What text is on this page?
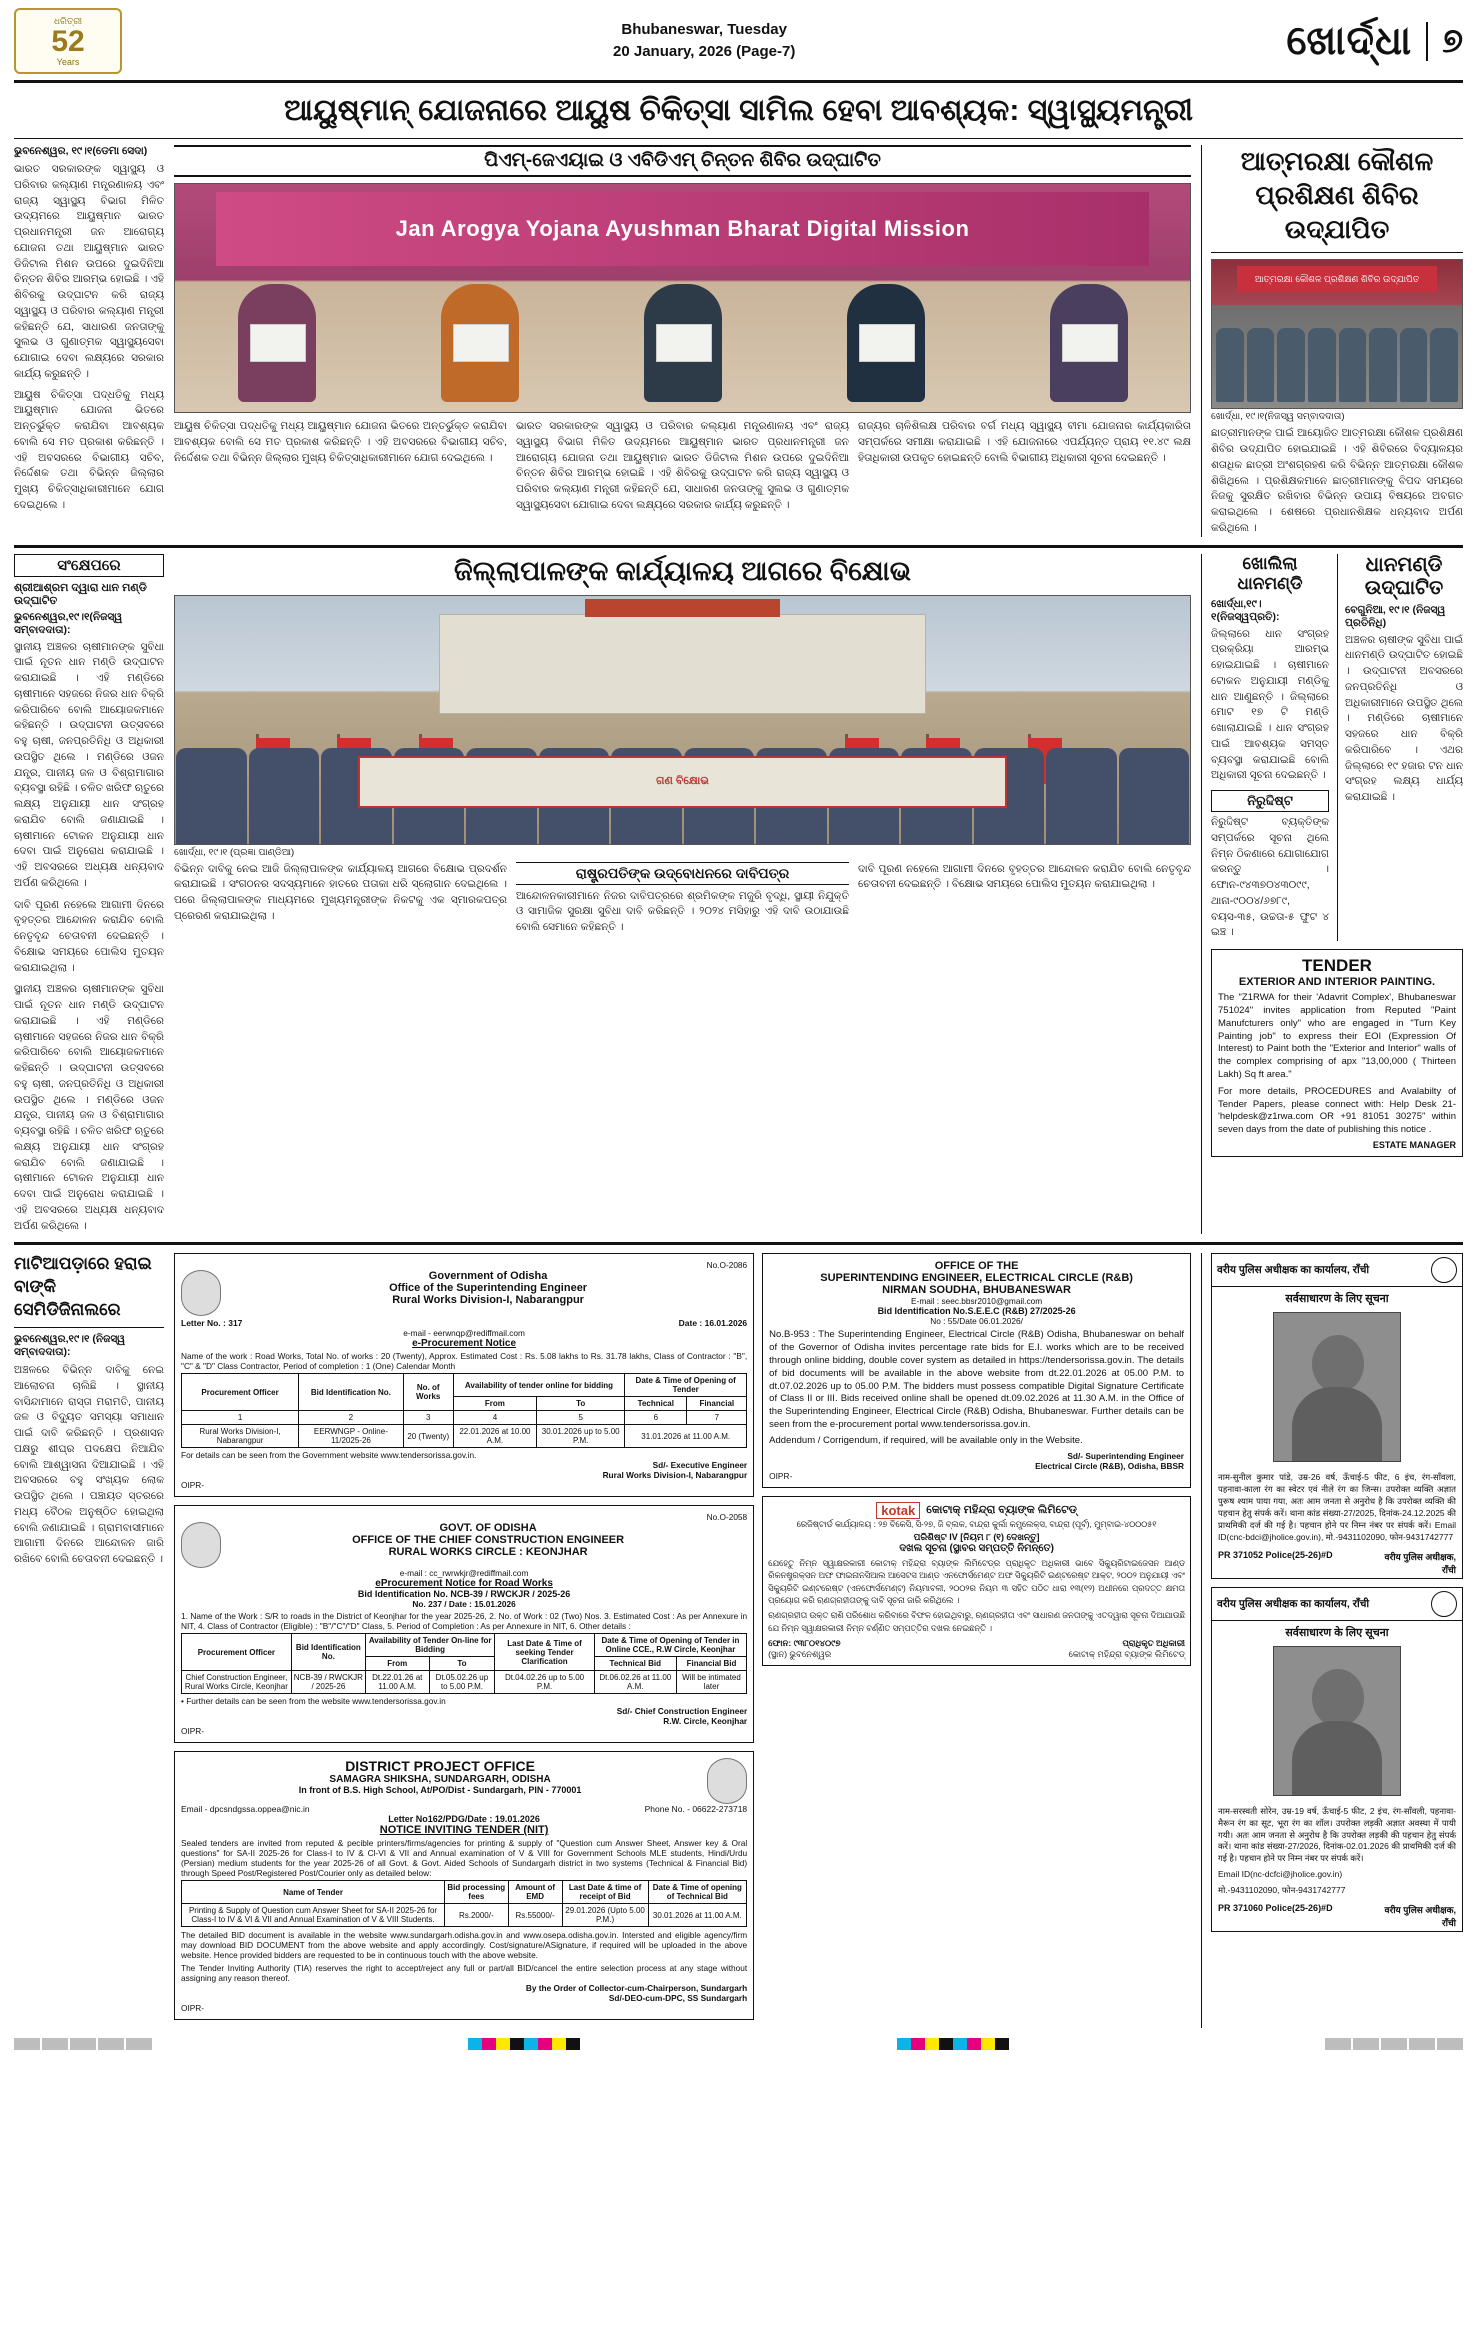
ଧରିତ୍ରୀ
52
Years
Bhubaneswar, Tuesday
20 January, 2026 (Page-7)	ଖୋର୍ଦ୍ଧା ୭
ଆୟୁଷ୍ମାନ୍ ଯୋଜନାରେ ଆୟୁଷ ଚିକିତ୍ସା ସାମିଲ ହେବା ଆବଶ୍ୟକ: ସ୍ୱାସ୍ଥ୍ୟମନ୍ତ୍ରୀ
ଭୁବନେଶ୍ୱର, ୧୯।୧(ଡେମା ସେଦା)
ଭାରତ ସରକାରଙ୍କ ସ୍ୱାସ୍ଥ୍ୟ ଓ ପରିବାର କଲ୍ୟାଣ ମନ୍ତ୍ରଣାଳୟ ଏବଂ ରାଜ୍ୟ ସ୍ୱାସ୍ଥ୍ୟ ବିଭାଗ ମିଳିତ ଉଦ୍ୟମରେ ଆୟୁଷ୍ମାନ ଭାରତ ପ୍ରଧାନମନ୍ତ୍ରୀ ଜନ ଆରୋଗ୍ୟ ଯୋଜନା ତଥା ଆୟୁଷ୍ମାନ ଭାରତ ଡିଜିଟାଲ ମିଶନ ଉପରେ ଦୁଇଦିନିଆ ଚିନ୍ତନ ଶିବିର ଆରମ୍ଭ ହୋଇଛି । ଏହି ଶିବିରକୁ ଉଦ୍‌ଘାଟନ କରି ରାଜ୍ୟ ସ୍ୱାସ୍ଥ୍ୟ ଓ ପରିବାର କଲ୍ୟାଣ ମନ୍ତ୍ରୀ କହିଛନ୍ତି ଯେ, ସାଧାରଣ ଜନତାଙ୍କୁ ସୁଲଭ ଓ ଗୁଣାତ୍ମକ ସ୍ୱାସ୍ଥ୍ୟସେବା ଯୋଗାଇ ଦେବା ଲକ୍ଷ୍ୟରେ ସରକାର କାର୍ଯ୍ୟ କରୁଛନ୍ତି ।
ଆୟୁଷ ଚିକିତ୍ସା ପଦ୍ଧତିକୁ ମଧ୍ୟ ଆୟୁଷ୍ମାନ ଯୋଜନା ଭିତରେ ଅନ୍ତର୍ଭୁକ୍ତ କରାଯିବା ଆବଶ୍ୟକ ବୋଲି ସେ ମତ ପ୍ରକାଶ କରିଛନ୍ତି । ଏହି ଅବସରରେ ବିଭାଗୀୟ ସଚିବ, ନିର୍ଦ୍ଦେଶକ ତଥା ବିଭିନ୍ନ ଜିଲ୍ଲାର ମୁଖ୍ୟ ଚିକିତ୍ସାଧିକାରୀମାନେ ଯୋଗ ଦେଇଥିଲେ ।
ପିଏମ୍-ଜେଏୟାଇ ଓ ଏବିଡିଏମ୍ ଚିନ୍ତନ ଶିବିର ଉଦ୍‌ଘାଟିତ
Jan Arogya Yojana Ayushman Bharat Digital Mission
ଆୟୁଷ ଚିକିତ୍ସା ପଦ୍ଧତିକୁ ମଧ୍ୟ ଆୟୁଷ୍ମାନ ଯୋଜନା ଭିତରେ ଅନ୍ତର୍ଭୁକ୍ତ କରାଯିବା ଆବଶ୍ୟକ ବୋଲି ସେ ମତ ପ୍ରକାଶ କରିଛନ୍ତି । ଏହି ଅବସରରେ ବିଭାଗୀୟ ସଚିବ, ନିର୍ଦ୍ଦେଶକ ତଥା ବିଭିନ୍ନ ଜିଲ୍ଲାର ମୁଖ୍ୟ ଚିକିତ୍ସାଧିକାରୀମାନେ ଯୋଗ ଦେଇଥିଲେ ।
ଭାରତ ସରକାରଙ୍କ ସ୍ୱାସ୍ଥ୍ୟ ଓ ପରିବାର କଲ୍ୟାଣ ମନ୍ତ୍ରଣାଳୟ ଏବଂ ରାଜ୍ୟ ସ୍ୱାସ୍ଥ୍ୟ ବିଭାଗ ମିଳିତ ଉଦ୍ୟମରେ ଆୟୁଷ୍ମାନ ଭାରତ ପ୍ରଧାନମନ୍ତ୍ରୀ ଜନ ଆରୋଗ୍ୟ ଯୋଜନା ତଥା ଆୟୁଷ୍ମାନ ଭାରତ ଡିଜିଟାଲ ମିଶନ ଉପରେ ଦୁଇଦିନିଆ ଚିନ୍ତନ ଶିବିର ଆରମ୍ଭ ହୋଇଛି । ଏହି ଶିବିରକୁ ଉଦ୍‌ଘାଟନ କରି ରାଜ୍ୟ ସ୍ୱାସ୍ଥ୍ୟ ଓ ପରିବାର କଲ୍ୟାଣ ମନ୍ତ୍ରୀ କହିଛନ୍ତି ଯେ, ସାଧାରଣ ଜନତାଙ୍କୁ ସୁଲଭ ଓ ଗୁଣାତ୍ମକ ସ୍ୱାସ୍ଥ୍ୟସେବା ଯୋଗାଇ ଦେବା ଲକ୍ଷ୍ୟରେ ସରକାର କାର୍ଯ୍ୟ କରୁଛନ୍ତି ।
ରାଜ୍ୟର ଚାଳିଶିଲକ୍ଷ ପରିବାର ବର୍ଗ ମଧ୍ୟ ସ୍ୱାସ୍ଥ୍ୟ ବୀମା ଯୋଜନାର କାର୍ଯ୍ୟକାରିତା ସମ୍ପର୍କରେ ସମୀକ୍ଷା କରାଯାଇଛି । ଏହି ଯୋଜନାରେ ଏପର୍ଯ୍ୟନ୍ତ ପ୍ରାୟ ୧୧.୪୯ ଲକ୍ଷ ହିତାଧିକାରୀ ଉପକୃତ ହୋଇଛନ୍ତି ବୋଲି ବିଭାଗୀୟ ଅଧିକାରୀ ସୂଚନା ଦେଇଛନ୍ତି ।
ଆତ୍ମରକ୍ଷା କୌଶଳ ପ୍ରଶିକ୍ଷଣ ଶିବିର ଉଦ୍‌ଯାପିତ
ଆତ୍ମରକ୍ଷା କୌଶଳ ପ୍ରଶିକ୍ଷଣ ଶିବିର ଉଦ୍‌ଯାପିତ
ଖୋର୍ଦ୍ଧା, ୧୯।୧(ନିଜସ୍ୱ ସମ୍ବାଦଦାତା)
ଛାତ୍ରୀମାନଙ୍କ ପାଇଁ ଆୟୋଜିତ ଆତ୍ମରକ୍ଷା କୌଶଳ ପ୍ରଶିକ୍ଷଣ ଶିବିର ଉଦ୍‌ଯାପିତ ହୋଇଯାଇଛି । ଏହି ଶିବିରରେ ବିଦ୍ୟାଳୟର ଶତାଧିକ ଛାତ୍ରୀ ଅଂଶଗ୍ରହଣ କରି ବିଭିନ୍ନ ଆତ୍ମରକ୍ଷା କୌଶଳ ଶିଖିଥିଲେ । ପ୍ରଶିକ୍ଷକମାନେ ଛାତ୍ରୀମାନଙ୍କୁ ବିପଦ ସମୟରେ ନିଜକୁ ସୁରକ୍ଷିତ ରଖିବାର ବିଭିନ୍ନ ଉପାୟ ବିଷୟରେ ଅବଗତ କରାଇଥିଲେ । ଶେଷରେ ପ୍ରଧାନଶିକ୍ଷକ ଧନ୍ୟବାଦ ଅର୍ପଣ କରିଥିଲେ ।
ସଂକ୍ଷେପରେ
ଶ୍ରୀଆଶ୍ରମ ଦ୍ୱାରା ଧାନ ମଣ୍ଡି ଉଦ୍‌ଘାଟିତ
ଭୁବନେଶ୍ୱର,୧୯।୧(ନିଜସ୍ୱ ସମ୍ବାଦଦାତା):
ସ୍ଥାନୀୟ ଅଞ୍ଚଳର ଚାଷୀମାନଙ୍କ ସୁବିଧା ପାଇଁ ନୂତନ ଧାନ ମଣ୍ଡି ଉଦ୍‌ଘାଟନ କରାଯାଇଛି । ଏହି ମଣ୍ଡିରେ ଚାଷୀମାନେ ସହଜରେ ନିଜର ଧାନ ବିକ୍ରି କରିପାରିବେ ବୋଲି ଆୟୋଜକମାନେ କହିଛନ୍ତି । ଉଦ୍‌ଘାଟନୀ ଉତ୍ସବରେ ବହୁ ଚାଷୀ, ଜନପ୍ରତିନିଧି ଓ ଅଧିକାରୀ ଉପସ୍ଥିତ ଥିଲେ । ମଣ୍ଡିରେ ଓଜନ ଯନ୍ତ୍ର, ପାନୀୟ ଜଳ ଓ ବିଶ୍ରାମାଗାର ବ୍ୟବସ୍ଥା ରହିଛି । ଚଳିତ ଖରିଫ ଋତୁରେ ଲକ୍ଷ୍ୟ ଅନୁଯାୟୀ ଧାନ ସଂଗ୍ରହ କରାଯିବ ବୋଲି ଜଣାଯାଇଛି । ଚାଷୀମାନେ ଟୋକନ ଅନୁଯାୟୀ ଧାନ ଦେବା ପାଇଁ ଅନୁରୋଧ କରାଯାଇଛି । ଏହି ଅବସରରେ ଅଧ୍ୟକ୍ଷ ଧନ୍ୟବାଦ ଅର୍ପଣ କରିଥିଲେ ।
ଦାବି ପୂରଣ ନହେଲେ ଆଗାମୀ ଦିନରେ ବୃହତ୍ତର ଆନ୍ଦୋଳନ କରାଯିବ ବୋଲି ନେତୃବୃନ୍ଦ ଚେତାବନୀ ଦେଇଛନ୍ତି । ବିକ୍ଷୋଭ ସମୟରେ ପୋଲିସ ମୁତୟନ କରାଯାଇଥିଲା ।
ସ୍ଥାନୀୟ ଅଞ୍ଚଳର ଚାଷୀମାନଙ୍କ ସୁବିଧା ପାଇଁ ନୂତନ ଧାନ ମଣ୍ଡି ଉଦ୍‌ଘାଟନ କରାଯାଇଛି । ଏହି ମଣ୍ଡିରେ ଚାଷୀମାନେ ସହଜରେ ନିଜର ଧାନ ବିକ୍ରି କରିପାରିବେ ବୋଲି ଆୟୋଜକମାନେ କହିଛନ୍ତି । ଉଦ୍‌ଘାଟନୀ ଉତ୍ସବରେ ବହୁ ଚାଷୀ, ଜନପ୍ରତିନିଧି ଓ ଅଧିକାରୀ ଉପସ୍ଥିତ ଥିଲେ । ମଣ୍ଡିରେ ଓଜନ ଯନ୍ତ୍ର, ପାନୀୟ ଜଳ ଓ ବିଶ୍ରାମାଗାର ବ୍ୟବସ୍ଥା ରହିଛି । ଚଳିତ ଖରିଫ ଋତୁରେ ଲକ୍ଷ୍ୟ ଅନୁଯାୟୀ ଧାନ ସଂଗ୍ରହ କରାଯିବ ବୋଲି ଜଣାଯାଇଛି । ଚାଷୀମାନେ ଟୋକନ ଅନୁଯାୟୀ ଧାନ ଦେବା ପାଇଁ ଅନୁରୋଧ କରାଯାଇଛି । ଏହି ଅବସରରେ ଅଧ୍ୟକ୍ଷ ଧନ୍ୟବାଦ ଅର୍ପଣ କରିଥିଲେ ।
ଜିଲ୍ଲାପାଳଙ୍କ କାର୍ଯ୍ୟାଳୟ ଆଗରେ ବିକ୍ଷୋଭ
ଗଣ ବିକ୍ଷୋଭ
ଖୋର୍ଦ୍ଧା, ୧୯।୧ (ପ୍ରଜ୍ଞା ପାଣ୍ଡିଆ)
ବିଭିନ୍ନ ଦାବିକୁ ନେଇ ଆଜି ଜିଲ୍ଲାପାଳଙ୍କ କାର୍ଯ୍ୟାଳୟ ଆଗରେ ବିକ୍ଷୋଭ ପ୍ରଦର୍ଶନ କରାଯାଇଛି । ସଂଗଠନର ସଦସ୍ୟମାନେ ହାତରେ ପତାକା ଧରି ସ୍ଲୋଗାନ ଦେଇଥିଲେ । ପରେ ଜିଲ୍ଲାପାଳଙ୍କ ମାଧ୍ୟମରେ ମୁଖ୍ୟମନ୍ତ୍ରୀଙ୍କ ନିକଟକୁ ଏକ ସ୍ମାରକପତ୍ର ପ୍ରେରଣ କରାଯାଇଥିଲା ।
ରାଷ୍ଟ୍ରପତିଙ୍କ ଉଦ୍ବୋଧନରେ ଦାବିପତ୍ର
ଆନ୍ଦୋଳନକାରୀମାନେ ନିଜର ଦାବିପତ୍ରରେ ଶ୍ରମିକଙ୍କ ମଜୁରି ବୃଦ୍ଧି, ସ୍ଥାୟୀ ନିଯୁକ୍ତି ଓ ସାମାଜିକ ସୁରକ୍ଷା ସୁବିଧା ଦାବି କରିଛନ୍ତି । ୨୦୨୪ ମସିହାରୁ ଏହି ଦାବି ଉଠାଯାଉଛି ବୋଲି ସେମାନେ କହିଛନ୍ତି ।
ଦାବି ପୂରଣ ନହେଲେ ଆଗାମୀ ଦିନରେ ବୃହତ୍ତର ଆନ୍ଦୋଳନ କରାଯିବ ବୋଲି ନେତୃବୃନ୍ଦ ଚେତାବନୀ ଦେଇଛନ୍ତି । ବିକ୍ଷୋଭ ସମୟରେ ପୋଲିସ ମୁତୟନ କରାଯାଇଥିଲା ।
ଖୋଲିଲା ଧାନମଣ୍ଡି
ଖୋର୍ଦ୍ଧା,୧୯।୧(ନିଜସ୍ୱପ୍ରତି):
ଜିଲ୍ଲାରେ ଧାନ ସଂଗ୍ରହ ପ୍ରକ୍ରିୟା ଆରମ୍ଭ ହୋଇଯାଇଛି । ଚାଷୀମାନେ ଟୋକନ ଅନୁଯାୟୀ ମଣ୍ଡିକୁ ଧାନ ଆଣୁଛନ୍ତି । ଜିଲ୍ଲାରେ ମୋଟ ୧୭ ଟି ମଣ୍ଡି ଖୋଲାଯାଇଛି । ଧାନ ସଂଗ୍ରହ ପାଇଁ ଆବଶ୍ୟକ ସମସ୍ତ ବ୍ୟବସ୍ଥା କରାଯାଇଛି ବୋଲି ଅଧିକାରୀ ସୂଚନା ଦେଇଛନ୍ତି ।
ନିରୁଦ୍ଦିଷ୍ଟ
ନିରୁଦ୍ଦିଷ୍ଟ ବ୍ୟକ୍ତିଙ୍କ ସମ୍ପର୍କରେ ସୂଚନା ଥିଲେ ନିମ୍ନ ଠିକଣାରେ ଯୋଗାଯୋଗ କରନ୍ତୁ । ଫୋନ-୯୪୩୭୦୪୩୦୯୯, ଥାନା-୯୦୦୪/୬୭୮୯, ବୟସ-୩୫, ଉଚ୍ଚତା-୫ ଫୁଟ ୪ ଇଞ୍ଚ ।
ଧାନମଣ୍ଡି ଉଦ୍‌ଘାଟିତ
ବେଗୁନିଆ, ୧୯।୧ (ନିଜସ୍ୱ ପ୍ରତିନିଧି)
ଅଞ୍ଚଳର ଚାଷୀଙ୍କ ସୁବିଧା ପାଇଁ ଧାନମଣ୍ଡି ଉଦ୍‌ଘାଟିତ ହୋଇଛି । ଉଦ୍‌ଘାଟନୀ ଅବସରରେ ଜନପ୍ରତିନିଧି ଓ ଅଧିକାରୀମାନେ ଉପସ୍ଥିତ ଥିଲେ । ମଣ୍ଡିରେ ଚାଷୀମାନେ ସହଜରେ ଧାନ ବିକ୍ରି କରିପାରିବେ । ଏଥର ଜିଲ୍ଲାରେ ୧୯ ହଜାର ଟନ ଧାନ ସଂଗ୍ରହ ଲକ୍ଷ୍ୟ ଧାର୍ଯ୍ୟ କରାଯାଇଛି ।
TENDER
EXTERIOR AND INTERIOR PAINTING.
The "Z1RWA for their 'Adavrit Complex', Bhubaneswar 751024" invites application from Reputed "Paint Manufcturers only" who are engaged in "Turn Key Painting job" to express their EOI (Expression Of Interest) to Paint both the "Exterior and Interior" walls of the complex comprising of apx "13,00,000 ( Thirteen Lakh) Sq ft area."
For more details, PROCEDURES and Avalabilty of Tender Papers, please connect with: Help Desk 21-'helpdesk@z1rwa.com OR +91 81051 30275" within seven days from the date of publishing this notice .
ESTATE MANAGER
ମାଟିଆପଡ଼ାରେ ହରାଇ ବାଙ୍କି ସେମିଡିଜିନାଲରେ
ଭୁବନେଶ୍ୱର,୧୯।୧ (ନିଜସ୍ୱ ସମ୍ବାଦଦାତା):
ଅଞ୍ଚଳରେ ବିଭିନ୍ନ ଦାବିକୁ ନେଇ ଆଲୋଚନା ଚାଲିଛି । ସ୍ଥାନୀୟ ବାସିନ୍ଦାମାନେ ରାସ୍ତା ମରାମତି, ପାନୀୟ ଜଳ ଓ ବିଦ୍ୟୁତ ସମସ୍ୟା ସମାଧାନ ପାଇଁ ଦାବି କରିଛନ୍ତି । ପ୍ରଶାସନ ପକ୍ଷରୁ ଶୀଘ୍ର ପଦକ୍ଷେପ ନିଆଯିବ ବୋଲି ଆଶ୍ୱାସନା ଦିଆଯାଇଛି । ଏହି ଅବସରରେ ବହୁ ସଂଖ୍ୟକ ଲୋକ ଉପସ୍ଥିତ ଥିଲେ । ପଞ୍ଚାୟତ ସ୍ତରରେ ମଧ୍ୟ ବୈଠକ ଅନୁଷ୍ଠିତ ହୋଇଥିଲା ବୋଲି ଜଣାଯାଇଛି । ଗ୍ରାମବାସୀମାନେ ଆଗାମୀ ଦିନରେ ଆନ୍ଦୋଳନ ଜାରି ରଖିବେ ବୋଲି ଚେତାବନୀ ଦେଇଛନ୍ତି ।
No.O-2086
Government of Odisha
Office of the Superintending Engineer
Rural Works Division-I, Nabarangpur
Letter No. : 317	Date : 16.01.2026
e-mail - eerwnqp@rediffmail.com
e-Procurement Notice
Name of the work : Road Works, Total No. of works : 20 (Twenty), Approx. Estimated Cost : Rs. 5.08 lakhs to Rs. 31.78 lakhs, Class of Contractor : "B", "C" & "D" Class Contractor, Period of completion : 1 (One) Calendar Month
Procurement Officer	Bid Identification No.	No. of Works	Availability of tender online for bidding		Date & Time of Opening of Tender	
			From	To	Technical	Financial
1	2	3	4	5	6	7
Rural Works Division-I, Nabarangpur	EERWNGP - Online-11/2025-26	20 (Twenty)	22.01.2026 at 10.00 A.M.	30.01.2026 up to 5.00 P.M.	31.01.2026 at 11.00 A.M.	
For details can be seen from the Government website www.tendersorissa.gov.in.
Sd/- Executive Engineer
Rural Works Division-I, Nabarangpur
OIPR-
No.O-2058
GOVT. OF ODISHA
OFFICE OF THE CHIEF CONSTRUCTION ENGINEER
RURAL WORKS CIRCLE : KEONJHAR
e-mail : cc_rwrwkjr@rediffmail.com
eProcurement Notice for Road Works
Bid Identification No. NCB-39 / RWCKJR / 2025-26
No. 237 / Date : 15.01.2026
1. Name of the Work : S/R to roads in the District of Keonjhar for the year 2025-26, 2. No. of Work : 02 (Two) Nos. 3. Estimated Cost : As per Annexure in NIT, 4. Class of Contractor (Eligible) : "B"/"C"/"D" Class, 5. Period of Completion : As per Annexure in NIT, 6. Other details :
Procurement Officer	Bid Identification No.	Availability of Tender On-line for Bidding		Last Date & Time of seeking Tender Clarification	Date & Time of Opening of Tender in Online CCE., R.W Circle, Keonjhar	
		From	To		Technical Bid	Financial Bid
Chief Construction Engineer, Rural Works Circle, Keonjhar	NCB-39 / RWCKJR / 2025-26	Dt.22.01.26 at 11.00 A.M.	Dt.05.02.26 up to 5.00 P.M.	Dt.04.02.26 up to 5.00 P.M.	Dt.06.02.26 at 11.00 A.M.	Will be intimated later
• Further details can be seen from the website www.tendersorissa.gov.in
Sd/- Chief Construction Engineer
R.W. Circle, Keonjhar
OIPR-
DISTRICT PROJECT OFFICE
SAMAGRA SHIKSHA, SUNDARGARH, ODISHA
In front of B.S. High School, At/PO/Dist - Sundargarh, PIN - 770001
Email - dpcsndgssa.oppea@nic.in	Phone No. - 06622-273718
Letter No162/PDG/Date : 19.01.2026
NOTICE INVITING TENDER (NIT)
Sealed tenders are invited from reputed & pecible printers/firms/agencies for printing & supply of "Question cum Answer Sheet, Answer key & Oral questions" for SA-II 2025-26 for Class-I to IV & Cl-VI & VII and Annual examination of V & VIII for Government Schools MLE students, Hindi/Urdu (Persian) medium students for the year 2025-26 of all Govt. & Govt. Aided Schools of Sundargarh district in two systems (Technical & Financial Bid) through Speed Post/Registered Post/Courier only as detailed below:
Name of Tender	Bid processing fees	Amount of EMD	Last Date & time of receipt of Bid	Date & Time of opening of Technical Bid
Printing & Supply of Question cum Answer Sheet for SA-II 2025-26 for Class-I to IV & VI & VII and Annual Examination of V & VIII Students.	Rs.2000/-	Rs.55000/-	29.01.2026 (Upto 5.00 P.M.)	30.01.2026 at 11.00 A.M.
The detailed BID document is available in the website www.sundargarh.odisha.gov.in and www.osepa.odisha.gov.in. Intersted and eligible agency/firm may download BID DOCUMENT from the above website and apply accordingly. Cost/signature/ASignature, if required will be uploaded in the above website. Hence provided bidders are requested to be in continuous touch with the above website.
The Tender Inviting Authority (TIA) reserves the right to accept/reject any full or part/all BID/cancel the entire selection process at any stage without assigning any reason thereof.
By the Order of Collector-cum-Chairperson, Sundargarh
Sd/-DEO-cum-DPC, SS Sundargarh
OIPR-
OFFICE OF THE
SUPERINTENDING ENGINEER, ELECTRICAL CIRCLE (R&B)
NIRMAN SOUDHA, BHUBANESWAR
E-mail : seec.bbsr2010@gmail.com
Bid Identification No.S.E.E.C (R&B) 27/2025-26
No : 55/Date 06.01.2026/
No.B-953 : The Superintending Engineer, Electrical Circle (R&B) Odisha, Bhubaneswar on behalf of the Governor of Odisha invites percentage rate bids for E.I. works which are to be received through online bidding, double cover system as detailed in https://tendersorissa.gov.in. The details of bid documents will be available in the above website from dt.22.01.2026 at 05.00 P.M. to dt.07.02.2026 up to 05.00 P.M. The bidders must possess compatible Digital Signature Certificate of Class II or III. Bids received online shall be opened dt.09.02.2026 at 11.30 A.M. in the Office of the Superintending Engineer, Electrical Circle (R&B) Odisha, Bhubaneswar. Further details can be seen from the e-procurement portal www.tendersorissa.gov.in.
Addendum / Corrigendum, if required, will be available only in the Website.
Sd/- Superintending Engineer
Electrical Circle (R&B), Odisha, BBSR
OIPR-
kotak	କୋଟାକ୍ ମହିନ୍ଦ୍ରା ବ୍ୟାଙ୍କ ଲିମିଟେଡ୍
ରେଜିଷ୍ଟାର୍ଡ କାର୍ଯ୍ୟାଳୟ : ୨୭ ବିକେସି, ସି-୨୭, ଜି ବ୍ଲକ, ବାନ୍ଦ୍ରା କୁର୍ଲା କମ୍ପ୍ଲେକ୍ସ, ବାନ୍ଦ୍ରା (ପୂର୍ବ), ମୁମ୍ବାଇ-୪୦୦୦୫୧
ପରିଶିଷ୍ଟ IV [ନିୟମ ୮ (୧) ଦେଖନ୍ତୁ]
ଦଖଲ ସୂଚନା (ସ୍ଥାବର ସମ୍ପତ୍ତି ନିମନ୍ତେ)
ଯେହେତୁ ନିମ୍ନ ସ୍ୱାକ୍ଷରକାରୀ କୋଟାକ୍ ମହିନ୍ଦ୍ରା ବ୍ୟାଙ୍କ ଲିମିଟେଡ୍‌ର ପ୍ରାଧିକୃତ ଅଧିକାରୀ ଭାବେ ସିକ୍ୟୁରିଟାଇଜେସନ ଆଣ୍ଡ ରିକନଷ୍ଟ୍ରକ୍ସନ ଅଫ ଫାଇନାନସିଆଲ ଆସେଟସ ଆଣ୍ଡ ଏନଫୋର୍ସମେଣ୍ଟ ଅଫ ସିକ୍ୟୁରିଟି ଇଣ୍ଟରେଷ୍ଟ ଆକ୍ଟ, ୨୦୦୨ ଅନୁଯାୟୀ ଏବଂ ସିକ୍ୟୁରିଟି ଇଣ୍ଟରେଷ୍ଟ (ଏନଫୋର୍ସମେଣ୍ଟ) ନିୟମାବଳୀ, ୨୦୦୨ର ନିୟମ ୩ ସହିତ ପଠିତ ଧାରା ୧୩(୧୨) ଅଧୀନରେ ପ୍ରଦତ୍ତ କ୍ଷମତା ପ୍ରୟୋଗ କରି ଋଣଗ୍ରହୀତାଙ୍କୁ ଦାବି ସୂଚନା ଜାରି କରିଥିଲେ ।
ଋଣଗ୍ରହୀତା ଉକ୍ତ ରାଶି ପରିଶୋଧ କରିବାରେ ବିଫଳ ହୋଇଥିବାରୁ, ଋଣଗ୍ରହୀତା ଏବଂ ସାଧାରଣ ଜନତାଙ୍କୁ ଏତଦ୍ୱାରା ସୂଚନା ଦିଆଯାଉଛି ଯେ ନିମ୍ନ ସ୍ୱାକ୍ଷରକାରୀ ନିମ୍ନ ବର୍ଣ୍ଣିତ ସମ୍ପତ୍ତିର ଦଖଲ ନେଇଛନ୍ତି ।
ଫୋନ: ୯୩୮୦୧୪୦୯୭	ପ୍ରାଧିକୃତ ଅଧିକାରୀ
(ସ୍ଥାନ) ଭୁବନେଶ୍ୱର	କୋଟାକ୍ ମହିନ୍ଦ୍ରା ବ୍ୟାଙ୍କ ଲିମିଟେଡ୍
वरीय पुलिस अधीक्षक का कार्यालय, राँची
सर्वसाधारण के लिए सूचना
नाम-सुनील कुमार पांडे, उम्र-26 वर्ष, ऊँचाई-5 फीट, 6 इंच, रंग-साँवला, पहनावा-काला रंग का स्वेटर एवं नीले रंग का जिन्स। उपरोक्त व्यक्ति अज्ञात पुरूष श्याम पाया गया, अतः आम जनता से अनुरोध है कि उपरोक्त व्यक्ति की पहचान हेतु संपर्क करें। थाना कांड संख्या-27/2025, दिनांक-24.12.2025 की प्राथमिकी दर्ज की गई है। पहचान होने पर निम्न नंबर पर संपर्क करें। Email ID(cnc-bdci@jholice.gov.in), मो.-9431102090, फोन-9431742777
PR 371052 Police(25-26)#D	वरीय पुलिस अधीक्षक,
राँची
वरीय पुलिस अधीक्षक का कार्यालय, राँची
सर्वसाधारण के लिए सूचना
नाम-सरस्वती सोरेन, उम्र-19 वर्ष, ऊँचाई-5 फीट, 2 इंच, रंग-साँवली, पहनावा-मैरून रंग का सूट, भूरा रंग का शॉल। उपरोक्त लड़की अज्ञात अवस्था में पायी गयी। अतः आम जनता से अनुरोध है कि उपरोक्त लड़की की पहचान हेतु संपर्क करें। थाना कांड संख्या-27/2026, दिनांक-02.01.2026 की प्राथमिकी दर्ज की गई है। पहचान होने पर निम्न नंबर पर संपर्क करें।
Email ID(nc-dcfci@jholice.gov.in)
मो.-9431102090, फोन-9431742777
PR 371060 Police(25-26)#D	वरीय पुलिस अधीक्षक,
राँची
